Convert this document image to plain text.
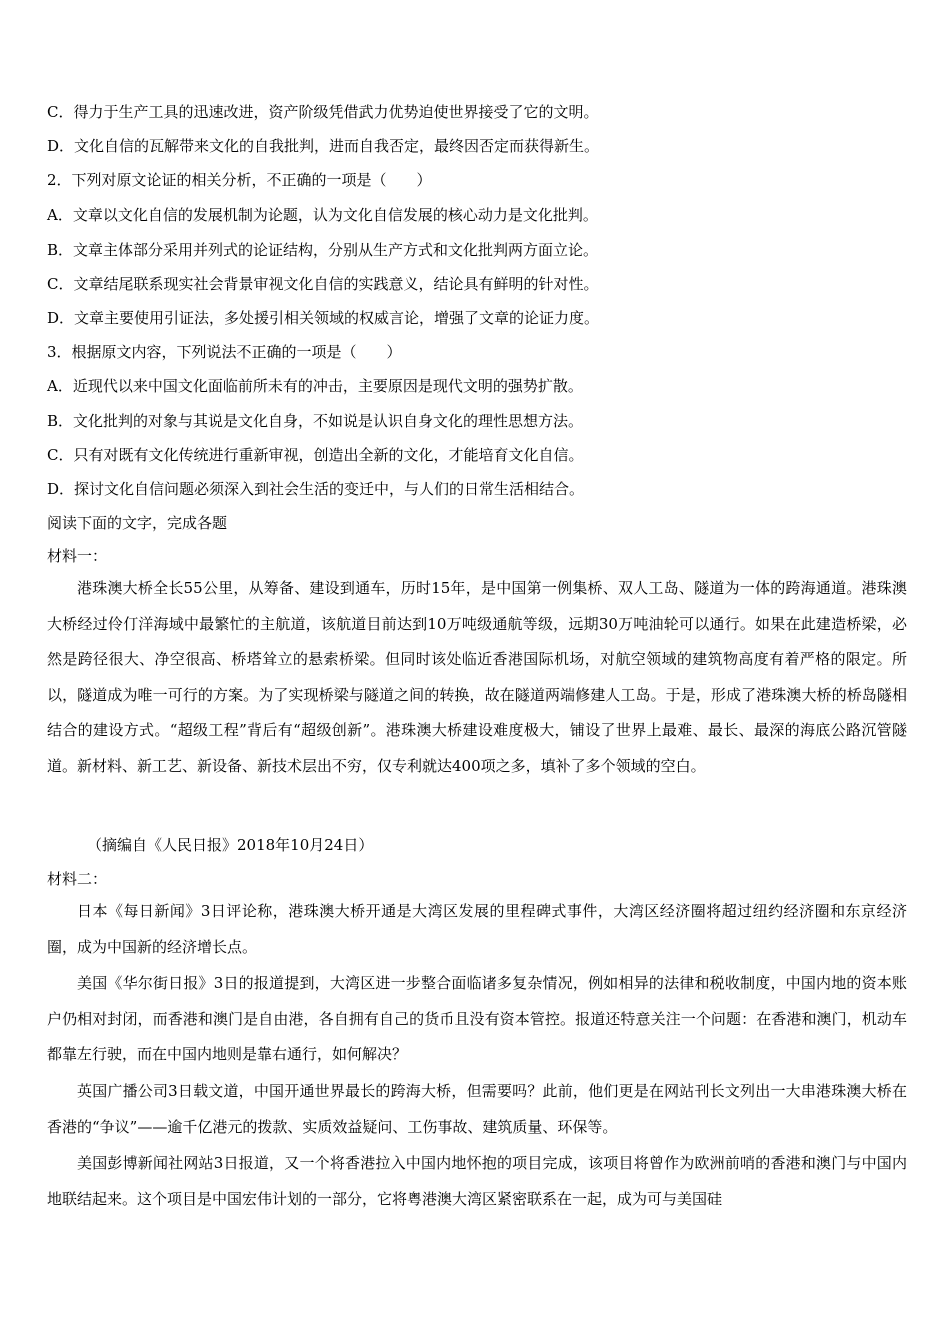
C．得力于生产工具的迅速改进，资产阶级凭借武力优势迫使世界接受了它的文明。
D．文化自信的瓦解带来文化的自我批判，进而自我否定，最终因否定而获得新生。
2．下列对原文论证的相关分析，不正确的一项是（　　）
A．文章以文化自信的发展机制为论题，认为文化自信发展的核心动力是文化批判。
B．文章主体部分采用并列式的论证结构，分别从生产方式和文化批判两方面立论。
C．文章结尾联系现实社会背景审视文化自信的实践意义，结论具有鲜明的针对性。
D．文章主要使用引证法，多处援引相关领域的权威言论，增强了文章的论证力度。
3．根据原文内容，下列说法不正确的一项是（　　）
A．近现代以来中国文化面临前所未有的冲击，主要原因是现代文明的强势扩散。
B．文化批判的对象与其说是文化自身，不如说是认识自身文化的理性思想方法。
C．只有对既有文化传统进行重新审视，创造出全新的文化，才能培育文化自信。
D．探讨文化自信问题必须深入到社会生活的变迁中，与人们的日常生活相结合。
阅读下面的文字，完成各题
材料一：
港珠澳大桥全长55公里，从筹备、建设到通车，历时15年，是中国第一例集桥、双人工岛、隧道为一体的跨海通道。港珠澳大桥经过伶仃洋海域中最繁忙的主航道，该航道目前达到10万吨级通航等级，远期30万吨油轮可以通行。如果在此建造桥梁，必然是跨径很大、净空很高、桥塔耸立的悬索桥梁。但同时该处临近香港国际机场，对航空领域的建筑物高度有着严格的限定。所以，隧道成为唯一可行的方案。为了实现桥梁与隧道之间的转换，故在隧道两端修建人工岛。于是，形成了港珠澳大桥的桥岛隧相结合的建设方式。“超级工程”背后有“超级创新”。港珠澳大桥建设难度极大，铺设了世界上最难、最长、最深的海底公路沉管隧道。新材料、新工艺、新设备、新技术层出不穷，仅专利就达400项之多，填补了多个领域的空白。
（摘编自《人民日报》2018年10月24日）
材料二：
日本《每日新闻》3日评论称，港珠澳大桥开通是大湾区发展的里程碑式事件，大湾区经济圈将超过纽约经济圈和东京经济圈，成为中国新的经济增长点。
美国《华尔街日报》3日的报道提到，大湾区进一步整合面临诸多复杂情况，例如相异的法律和税收制度，中国内地的资本账户仍相对封闭，而香港和澳门是自由港，各自拥有自己的货币且没有资本管控。报道还特意关注一个问题：在香港和澳门，机动车都靠左行驶，而在中国内地则是靠右通行，如何解决？
英国广播公司3日载文道，中国开通世界最长的跨海大桥，但需要吗？此前，他们更是在网站刊长文列出一大串港珠澳大桥在香港的“争议”——逾千亿港元的拨款、实质效益疑问、工伤事故、建筑质量、环保等。
美国彭博新闻社网站3日报道，又一个将香港拉入中国内地怀抱的项目完成，该项目将曾作为欧洲前哨的香港和澳门与中国内地联结起来。这个项目是中国宏伟计划的一部分，它将粤港澳大湾区紧密联系在一起，成为可与美国硅
